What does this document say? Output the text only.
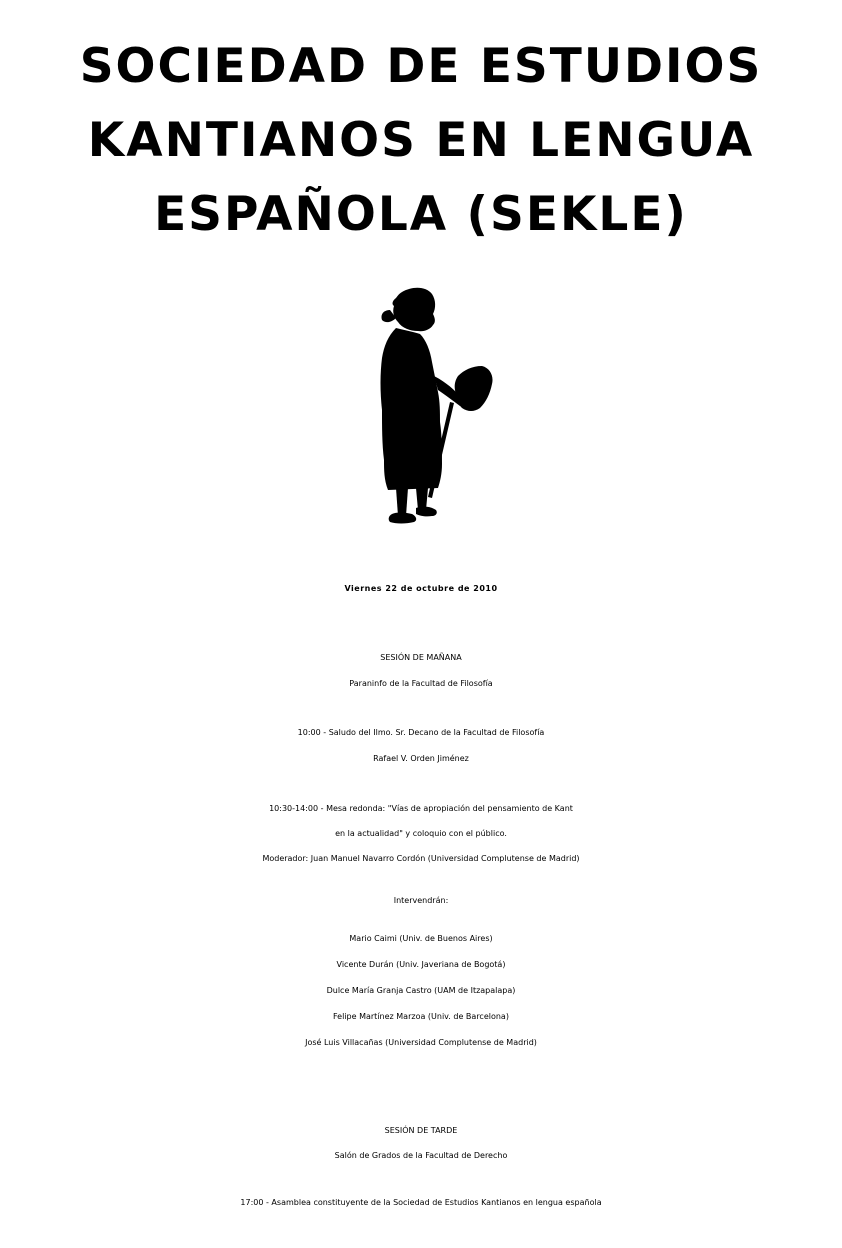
SOCIEDAD DE ESTUDIOS
KANTIANOS EN LENGUA
ESPAÑOLA (SEKLE)
Viernes 22 de octubre de 2010
SESIÓN DE MAÑANA
Paraninfo de la Facultad de Filosofía
10:00 - Saludo del Ilmo. Sr. Decano de la Facultad de Filosofía
Rafael V. Orden Jiménez
10:30-14:00 - Mesa redonda: "Vías de apropiación del pensamiento de Kant
en la actualidad" y coloquio con el público.
Moderador: Juan Manuel Navarro Cordón (Universidad Complutense de Madrid)
Intervendrán:
Mario Caimi (Univ. de Buenos Aires)
Vicente Durán (Univ. Javeriana de Bogotá)
Dulce María Granja Castro (UAM de Itzapalapa)
Felipe Martínez Marzoa (Univ. de Barcelona)
José Luis Villacañas (Universidad Complutense de Madrid)
SESIÓN DE TARDE
Salón de Grados de la Facultad de Derecho
17:00 - Asamblea constituyente de la Sociedad de Estudios Kantianos en lengua española
